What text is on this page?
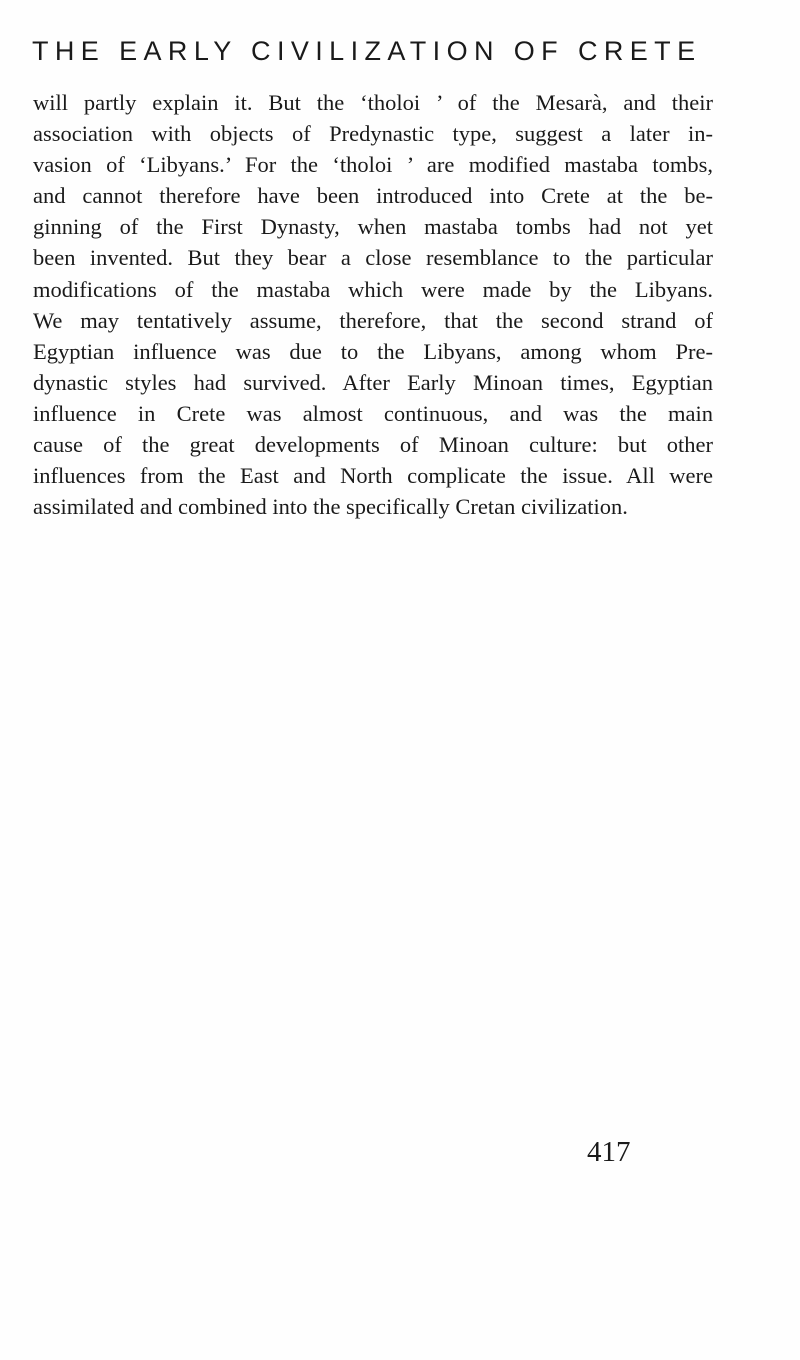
THE EARLY CIVILIZATION OF CRETE
will partly explain it. But the ‘tholoi ’ of the Mesarà, and their
association with objects of Predynastic type, suggest a later in-
vasion of ‘Libyans.’ For the ‘tholoi ’ are modified mastaba tombs,
and cannot therefore have been introduced into Crete at the be-
ginning of the First Dynasty, when mastaba tombs had not yet
been invented. But they bear a close resemblance to the particular
modifications of the mastaba which were made by the Libyans.
We may tentatively assume, therefore, that the second strand of
Egyptian influence was due to the Libyans, among whom Pre-
dynastic styles had survived. After Early Minoan times, Egyptian
influence in Crete was almost continuous, and was the main
cause of the great developments of Minoan culture: but other
influences from the East and North complicate the issue. All were
assimilated and combined into the specifically Cretan civilization.

417
